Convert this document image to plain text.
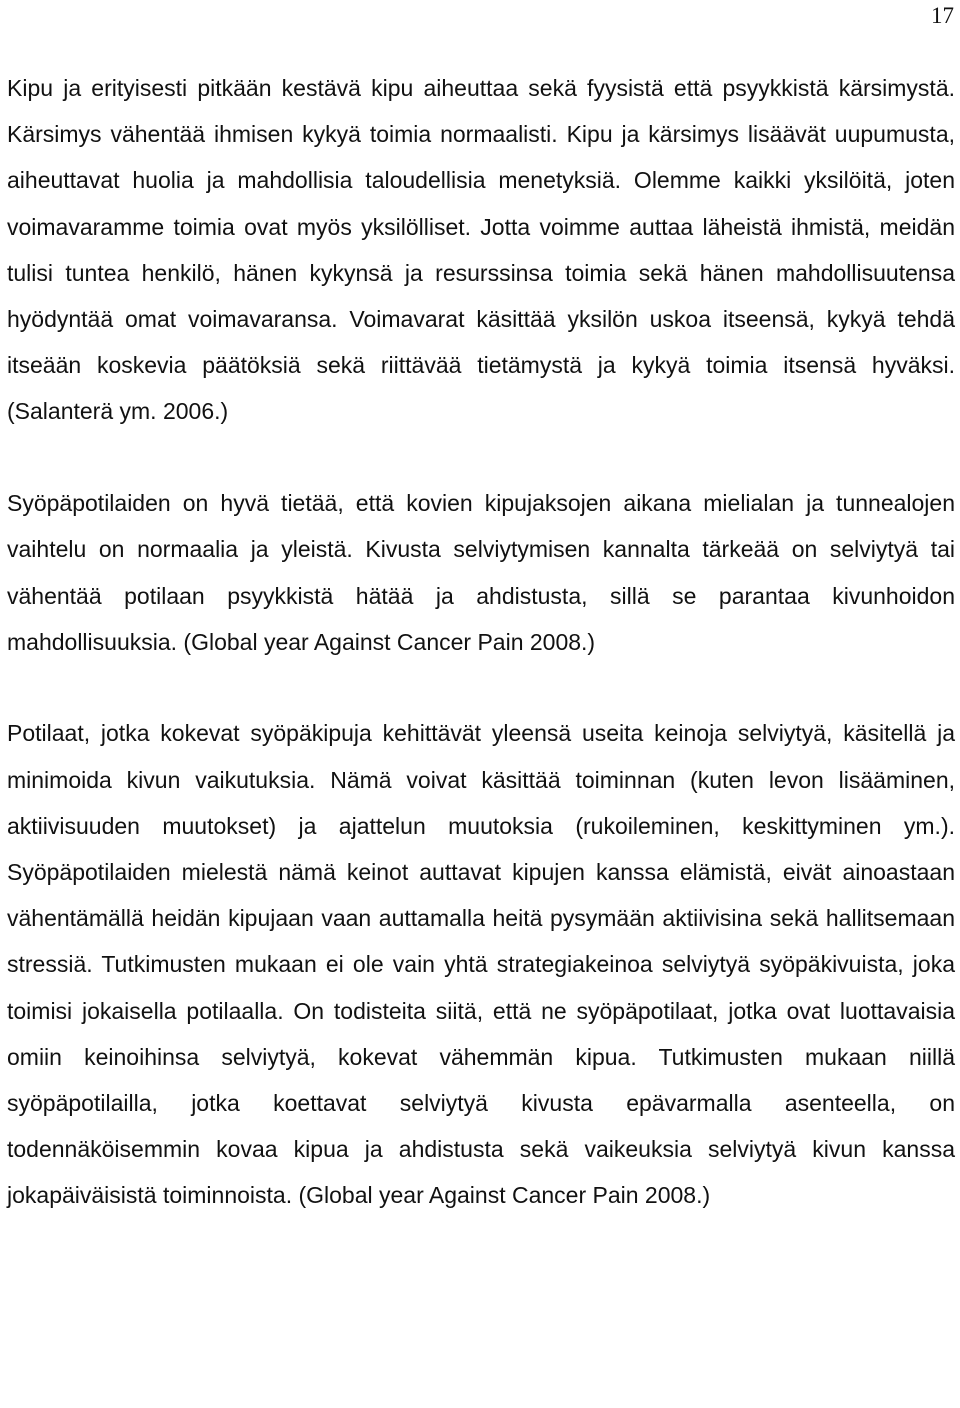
17

Kipu ja erityisesti pitkään kestävä kipu aiheuttaa sekä fyysistä että psyykkistä kärsimystä. Kärsimys vähentää ihmisen kykyä toimia normaalisti. Kipu ja kärsimys lisäävät uupumusta, aiheuttavat huolia ja mahdollisia taloudellisia menetyksiä. Olemme kaikki yksilöitä, joten voimavaramme toimia ovat myös yksilölliset. Jotta voimme auttaa läheistä ihmistä, meidän tulisi tuntea henkilö, hänen kykynsä ja resurssinsa toimia sekä hänen mahdollisuutensa hyödyntää omat voimavaransa. Voimavarat käsittää yksilön uskoa itseensä, kykyä tehdä itseään koskevia päätöksiä sekä riittävää tietämystä ja kykyä toimia itsensä hyväksi. (Salanterä ym. 2006.)

Syöpäpotilaiden on hyvä tietää, että kovien kipujaksojen aikana mielialan ja tunnealojen vaihtelu on normaalia ja yleistä. Kivusta selviytymisen kannalta tärkeää on selviytyä tai vähentää potilaan psyykkistä hätää ja ahdistusta, sillä se parantaa kivunhoidon mahdollisuuksia. (Global year Against Cancer Pain 2008.)

Potilaat, jotka kokevat syöpäkipuja kehittävät yleensä useita keinoja selviytyä, käsitellä ja minimoida kivun vaikutuksia. Nämä voivat käsittää toiminnan (kuten levon lisääminen, aktiivisuuden muutokset) ja ajattelun muutoksia (rukoileminen, keskittyminen ym.). Syöpäpotilaiden mielestä nämä keinot auttavat kipujen kanssa elämistä, eivät ainoastaan vähentämällä heidän kipujaan vaan auttamalla heitä pysymään aktiivisina sekä hallitsemaan stressiä. Tutkimusten mukaan ei ole vain yhtä strategiakeinoa selviytyä syöpäkivuista, joka toimisi jokaisella potilaalla. On todisteita siitä, että ne syöpäpotilaat, jotka ovat luottavaisia omiin keinoihinsa selviytyä, kokevat vähemmän kipua. Tutkimusten mukaan niillä syöpäpotilailla, jotka koettavat selviytyä kivusta epävarmalla asenteella, on todennäköisemmin kovaa kipua ja ahdistusta sekä vaikeuksia selviytyä kivun kanssa jokapäiväisistä toiminnoista. (Global year Against Cancer Pain 2008.)
